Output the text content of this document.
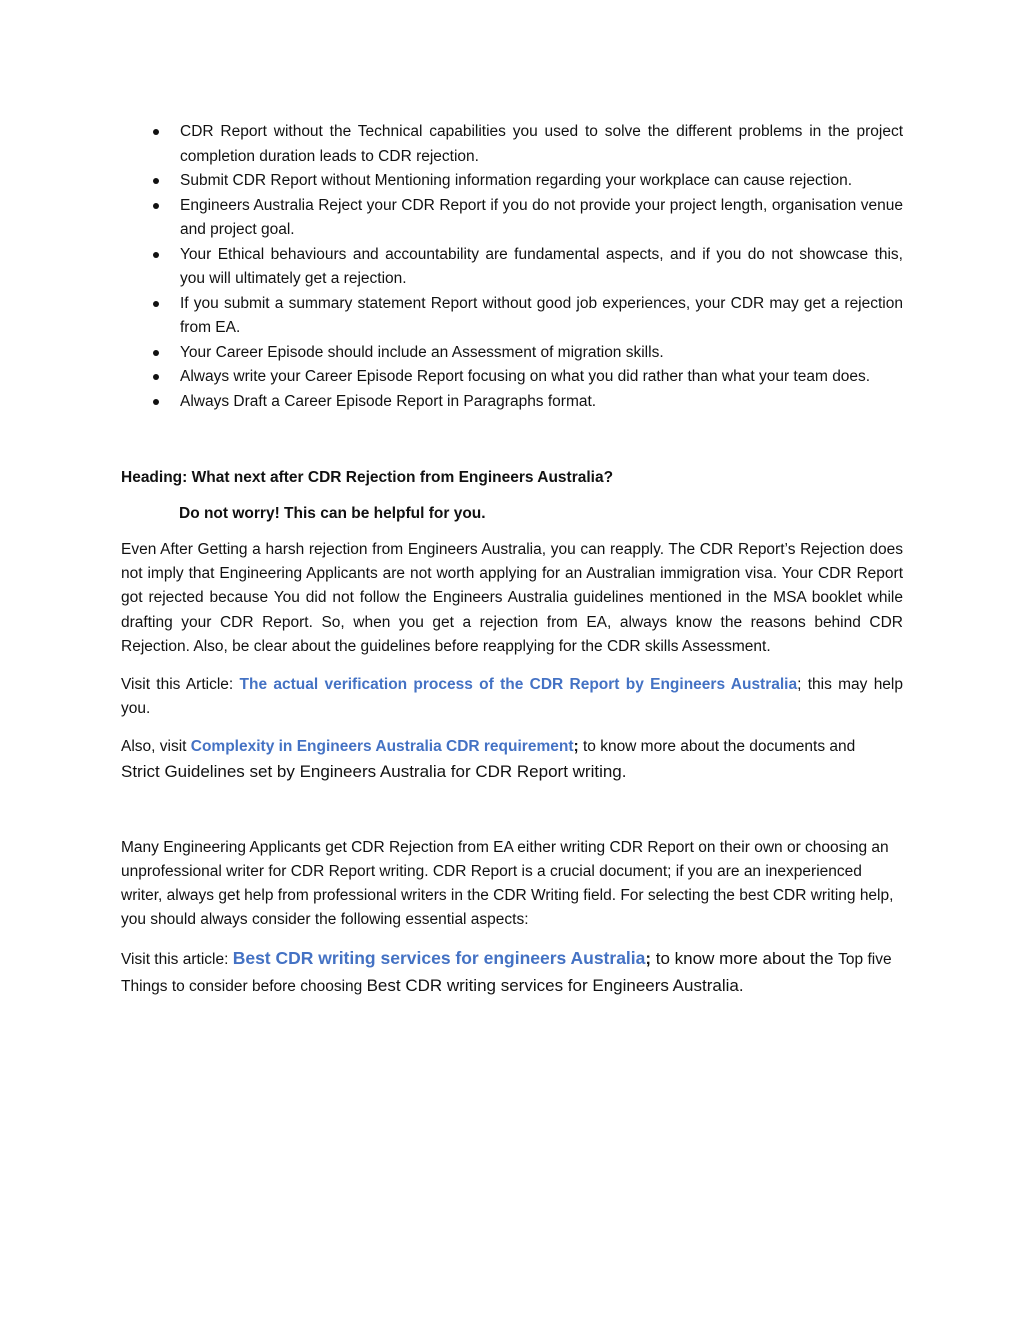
CDR Report without the Technical capabilities you used to solve the different problems in the project completion duration leads to CDR rejection.
Submit CDR Report without Mentioning information regarding your workplace can cause rejection.
Engineers Australia Reject your CDR Report if you do not provide your project length, organisation venue and project goal.
Your Ethical behaviours and accountability are fundamental aspects, and if you do not showcase this, you will ultimately get a rejection.
If you submit a summary statement Report without good job experiences, your CDR may get a rejection from EA.
Your Career Episode should include an Assessment of migration skills.
Always write your Career Episode Report focusing on what you did rather than what your team does.
Always Draft a Career Episode Report in Paragraphs format.
Heading: What next after CDR Rejection from Engineers Australia?
Do not worry! This can be helpful for you.

Even After Getting a harsh rejection from Engineers Australia, you can reapply. The CDR Report’s Rejection does not imply that Engineering Applicants are not worth applying for an Australian immigration visa. Your CDR Report got rejected because You did not follow the Engineers Australia guidelines mentioned in the MSA booklet while drafting your CDR Report. So, when you get a rejection from EA, always know the reasons behind CDR Rejection. Also, be clear about the guidelines before reapplying for the CDR skills Assessment.

Visit this Article: The actual verification process of the CDR Report by Engineers Australia; this may help you.

Also, visit Complexity in Engineers Australia CDR requirement; to know more about the documents and
Strict Guidelines set by Engineers Australia for CDR Report writing.

Many Engineering Applicants get CDR Rejection from EA either writing CDR Report on their own or choosing an unprofessional writer for CDR Report writing. CDR Report is a crucial document; if you are an inexperienced writer, always get help from professional writers in the CDR Writing field. For selecting the best CDR writing help, you should always consider the following essential aspects:

Visit this article: Best CDR writing services for engineers Australia; to know more about the Top five Things to consider before choosing Best CDR writing services for Engineers Australia.
